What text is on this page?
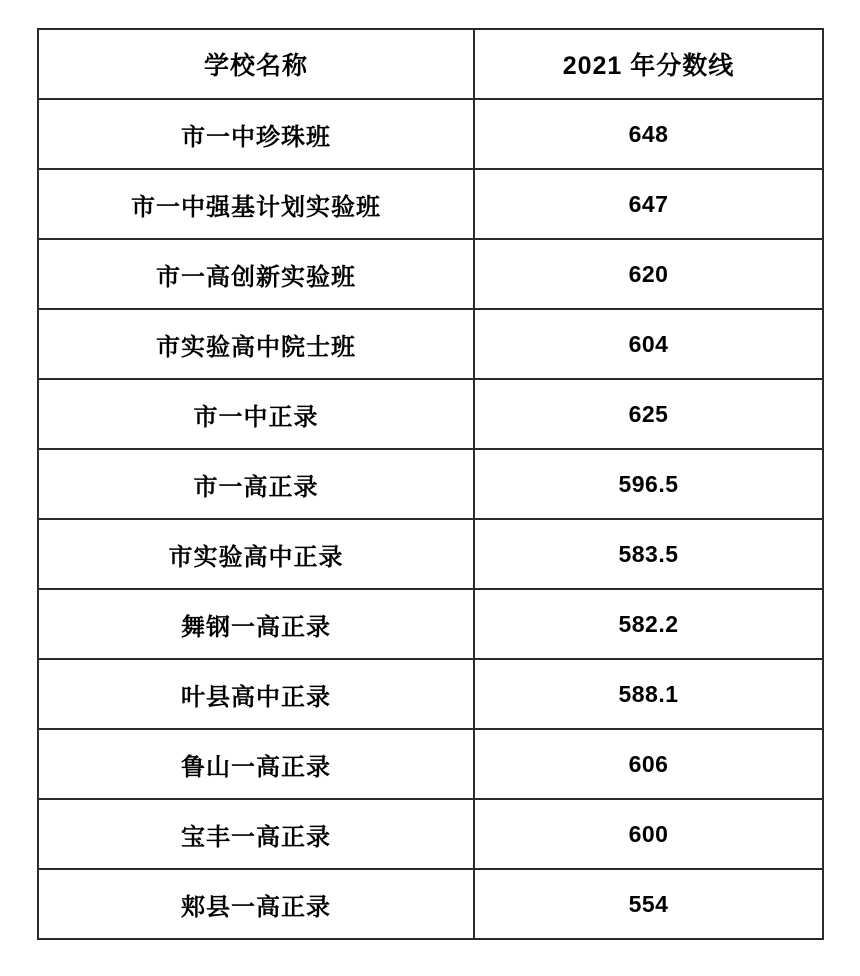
学校名称	2021 年分数线
市一中珍珠班	648
市一中强基计划实验班	647
市一高创新实验班	620
市实验高中院士班	604
市一中正录	625
市一高正录	596.5
市实验高中正录	583.5
舞钢一高正录	582.2
叶县高中正录	588.1
鲁山一高正录	606
宝丰一高正录	600
郏县一高正录	554
